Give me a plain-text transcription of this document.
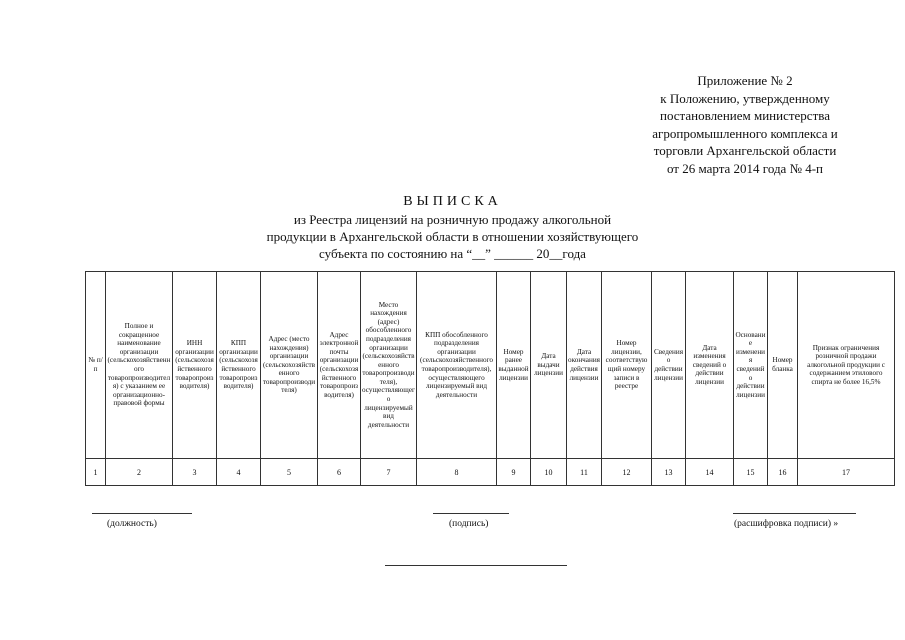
Приложение № 2
к Положению, утвержденному
постановлением министерства
агропромышленного комплекса и
торговли Архангельской области
от 26 марта 2014 года № 4-п
ВЫПИСКА
из Реестра лицензий на розничную продажу алкогольной
продукции в Архангельской области в отношении хозяйствующего
субъекта по состоянию на “__” ______ 20__года
№ п/п	Полное и сокращенное наименование организации (сельскохозяйственного товаропроизводителя) с указанием ее организационно-правовой формы	ИНН организации (сельскохозяйственного товаропроизводителя)	КПП организации (сельскохозяйственного товаропроизводителя)	Адрес (место нахождения) организации (сельскохозяйственного товаропроизводителя)	Адрес электронной почты организации (сельскохозяйственного товаропроизводителя)	Место нахождения (адрес) обособленного подразделения организации (сельскохозяйственного товаропроизводителя), осуществляющего лицензируемый вид деятельности	КПП обособленного подразделения организации (сельскохозяйственного товаропроизводителя), осуществляющего лицензируемый вид деятельности	Номер ранее выданной лицензии	Дата выдачи лицензии	Дата окончания действия лицензии	Номер лицензии, соответствующий номеру записи в реестре	Сведения о действии лицензии	Дата изменения сведений о действии лицензии	Основание изменения сведений о действии лицензии	Номер бланка	Признак ограничения розничной продажи алкогольной продукции с содержанием этилового спирта не более 16,5%
1	2	3	4	5	6	7	8	9	10	11	12	13	14	15	16	17
(должность)	(подпись)	(расшифровка подписи) »
